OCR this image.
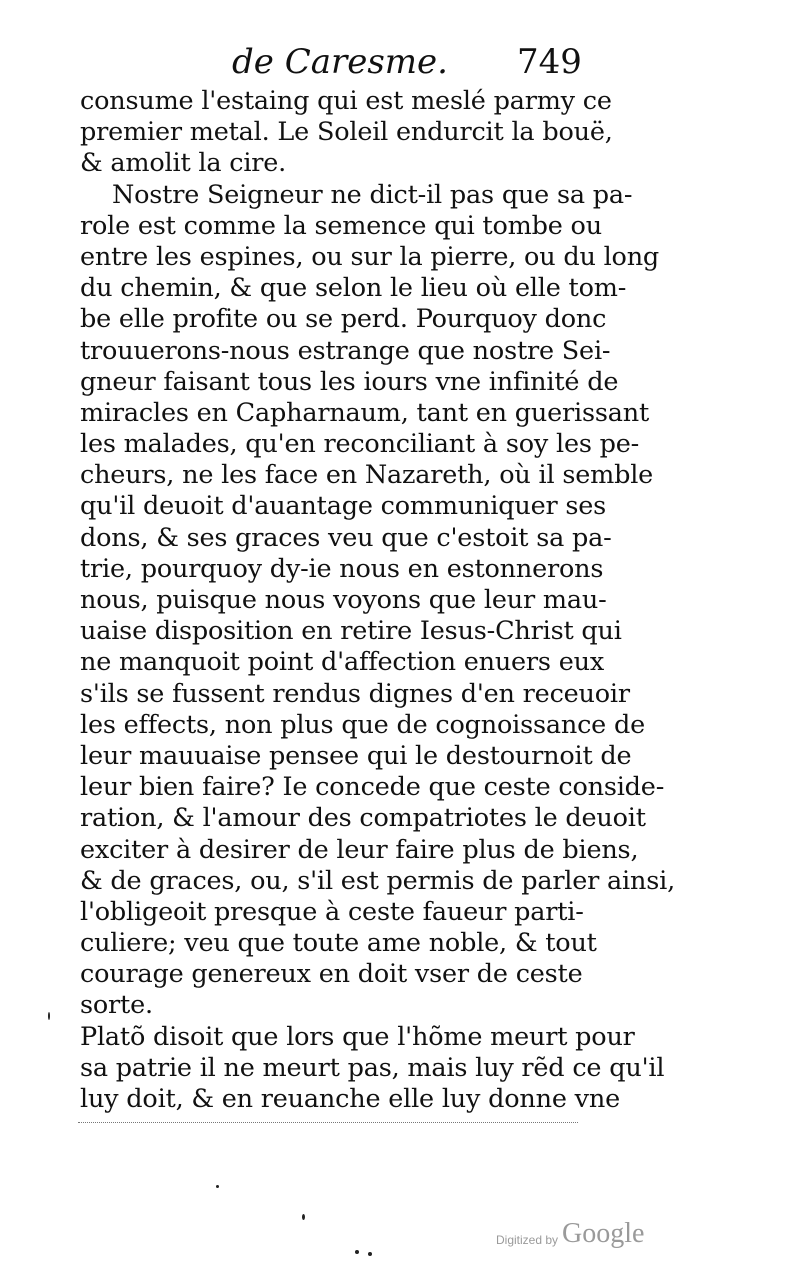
de Caresme. 749
consume l'estaing qui est meslé parmy ce
premier metal. Le Soleil endurcit la bouë,
& amolit la cire.
Nostre Seigneur ne dict-il pas que sa pa-
role est comme la semence qui tombe ou
entre les espines, ou sur la pierre, ou du long
du chemin, & que selon le lieu où elle tom-
be elle profite ou se perd. Pourquoy donc
trouuerons-nous estrange que nostre Sei-
gneur faisant tous les iours vne infinité de
miracles en Capharnaum, tant en guerissant
les malades, qu'en reconciliant à soy les pe-
cheurs, ne les face en Nazareth, où il semble
qu'il deuoit d'auantage communiquer ses
dons, & ses graces veu que c'estoit sa pa-
trie, pourquoy dy-ie nous en estonnerons
nous, puisque nous voyons que leur mau-
uaise disposition en retire Iesus-Christ qui
ne manquoit point d'affection enuers eux
s'ils se fussent rendus dignes d'en receuoir
les effects, non plus que de cognoissance de
leur mauuaise pensee qui le destournoit de
leur bien faire? Ie concede que ceste conside-
ration, & l'amour des compatriotes le deuoit
exciter à desirer de leur faire plus de biens,
& de graces, ou, s'il est permis de parler ainsi,
l'obligeoit presque à ceste faueur parti-
culiere; veu que toute ame noble, & tout
courage genereux en doit vser de ceste
sorte.
Platõ disoit que lors que l'hõme meurt pour
sa patrie il ne meurt pas, mais luy rẽd ce qu'il
luy doit, & en reuanche elle luy donne vne
Digitized by Google
